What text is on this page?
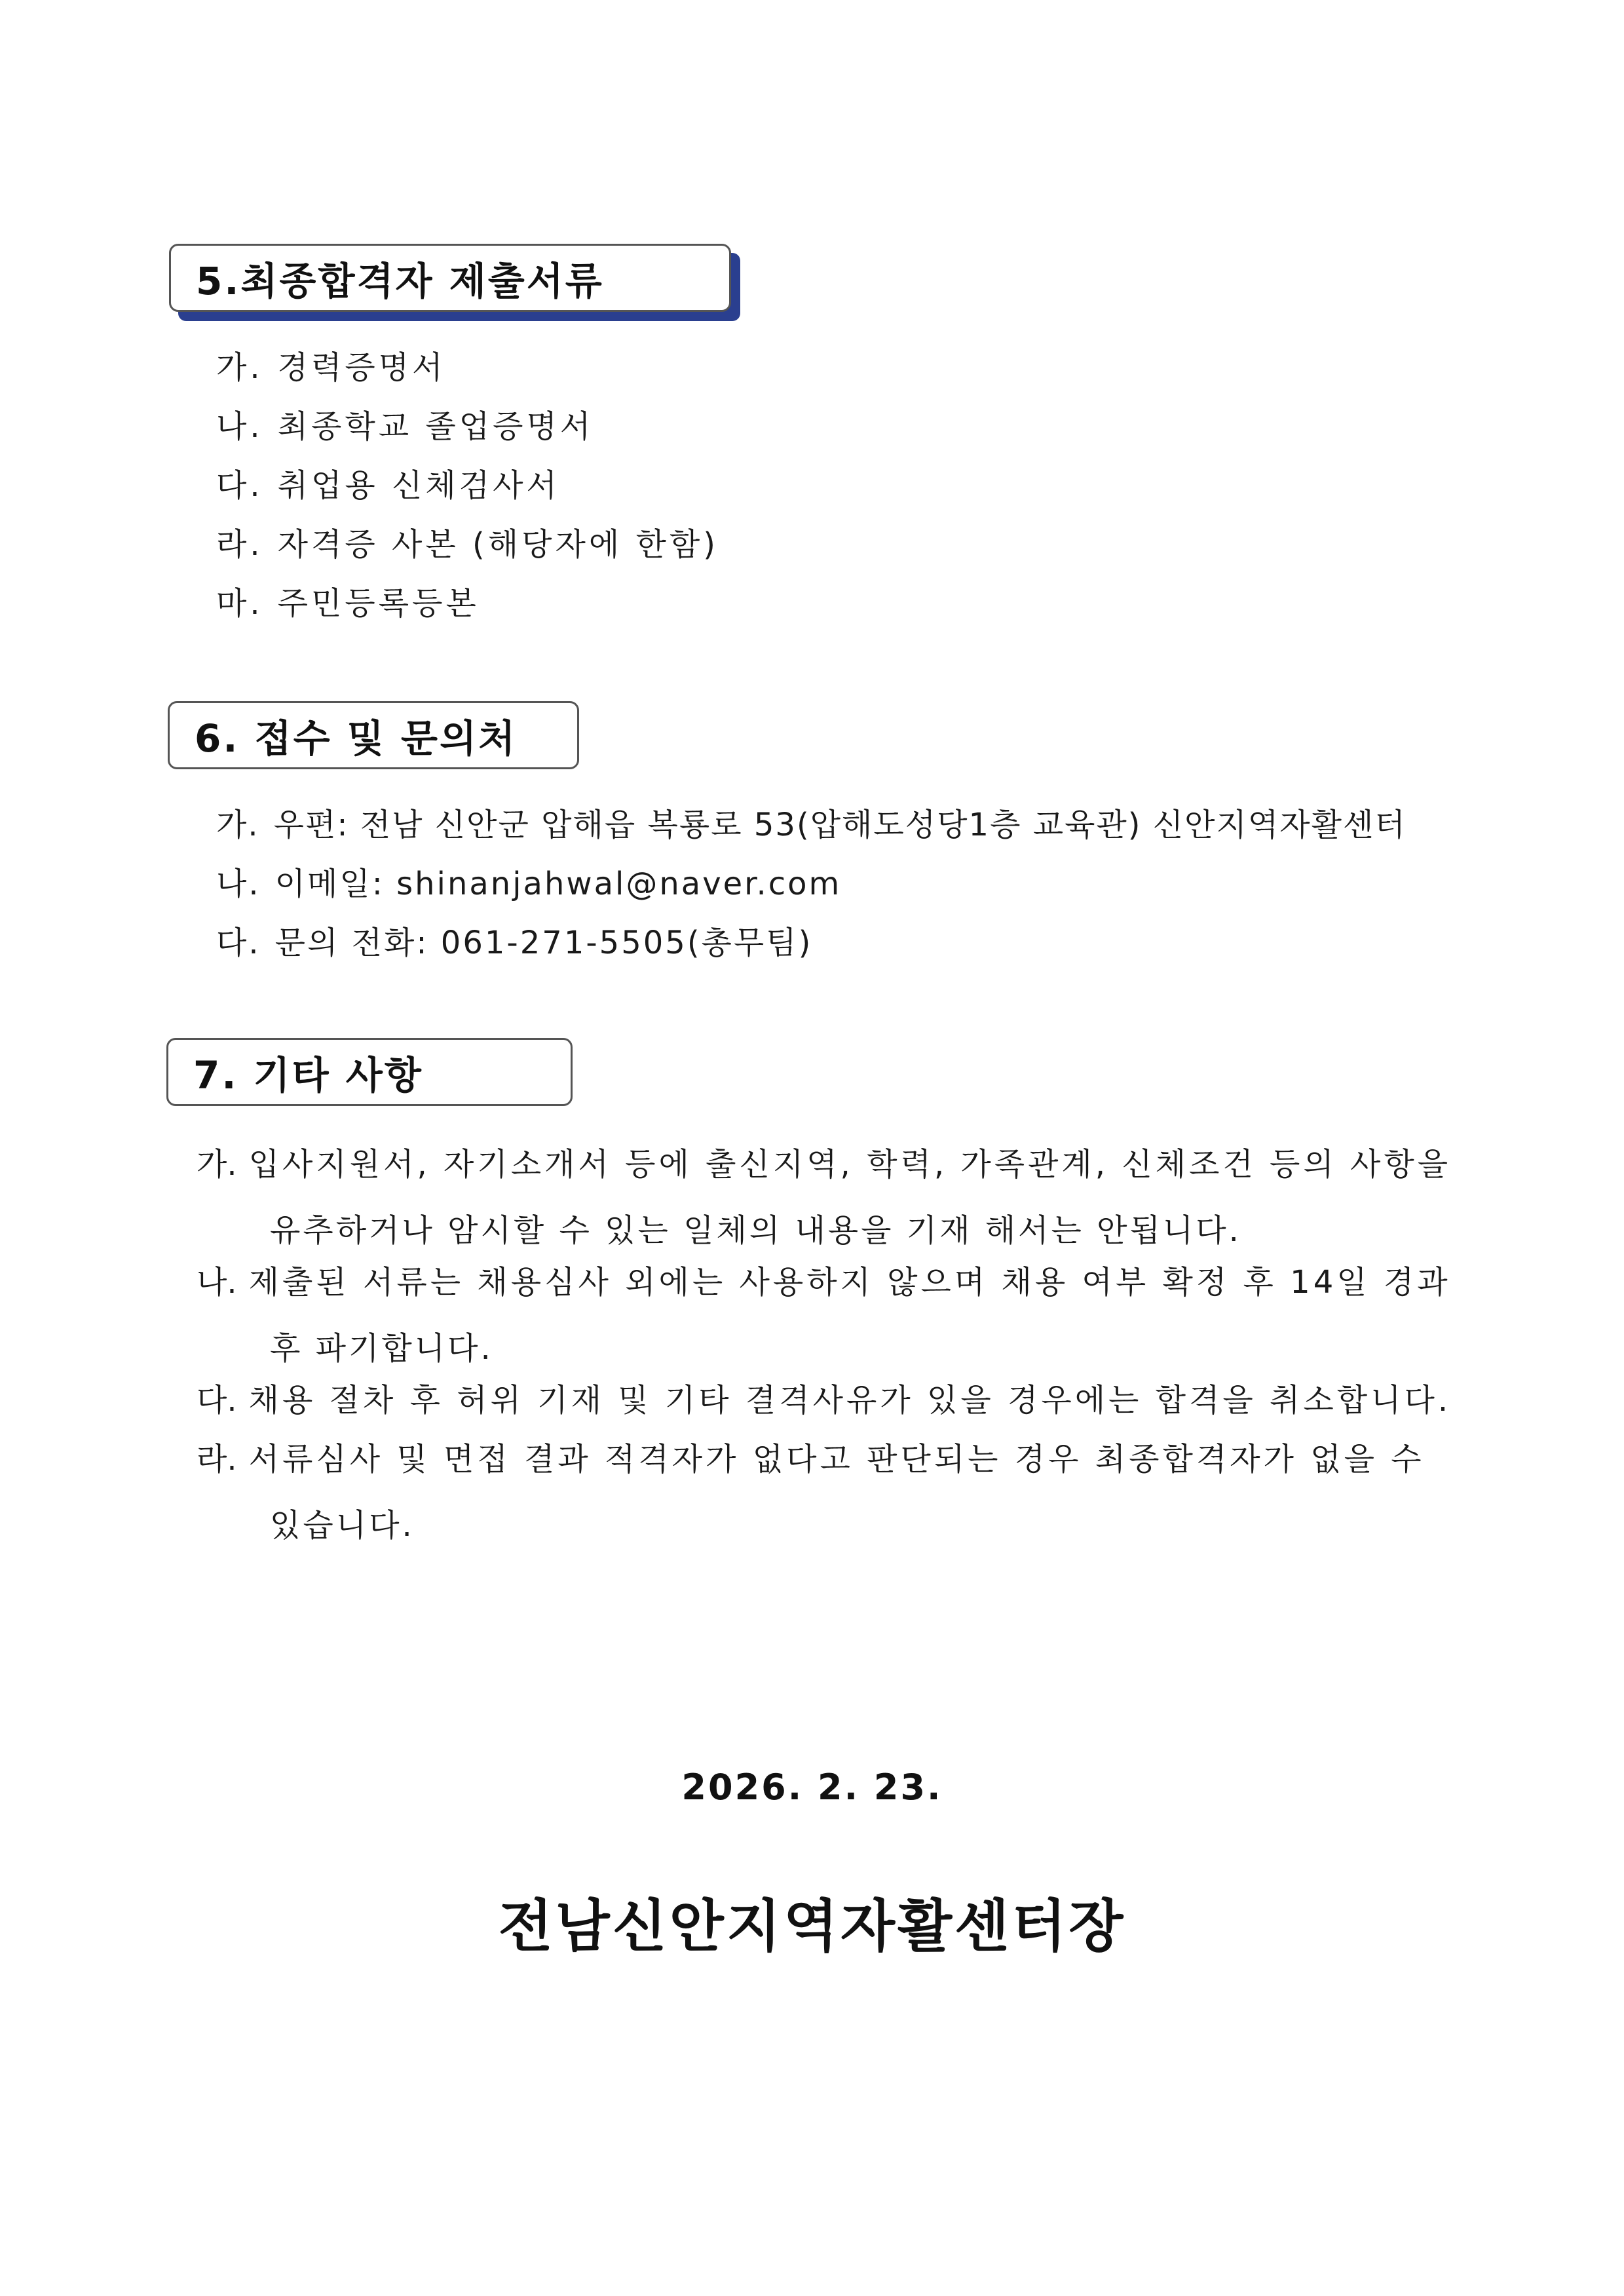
5.최종합격자 제출서류
가. 경력증명서
나. 최종학교 졸업증명서
다. 취업용 신체검사서
라. 자격증 사본 (해당자에 한함)
마. 주민등록등본
6. 접수 및 문의처
가. 우편: 전남 신안군 압해읍 복룡로 53(압해도성당1층 교육관) 신안지역자활센터
나. 이메일: shinanjahwal@naver.com
다. 문의 전화: 061-271-5505(총무팀)
7. 기타 사항
가. 입사지원서, 자기소개서 등에 출신지역, 학력, 가족관계, 신체조건 등의 사항을
유추하거나 암시할 수 있는 일체의 내용을 기재 해서는 안됩니다.
나. 제출된 서류는 채용심사 외에는 사용하지 않으며 채용 여부 확정 후 14일 경과
후 파기합니다.
다. 채용 절차 후 허위 기재 및 기타 결격사유가 있을 경우에는 합격을 취소합니다.
라. 서류심사 및 면접 결과 적격자가 없다고 판단되는 경우 최종합격자가 없을 수
있습니다.
2026. 2. 23.
전남신안지역자활센터장
